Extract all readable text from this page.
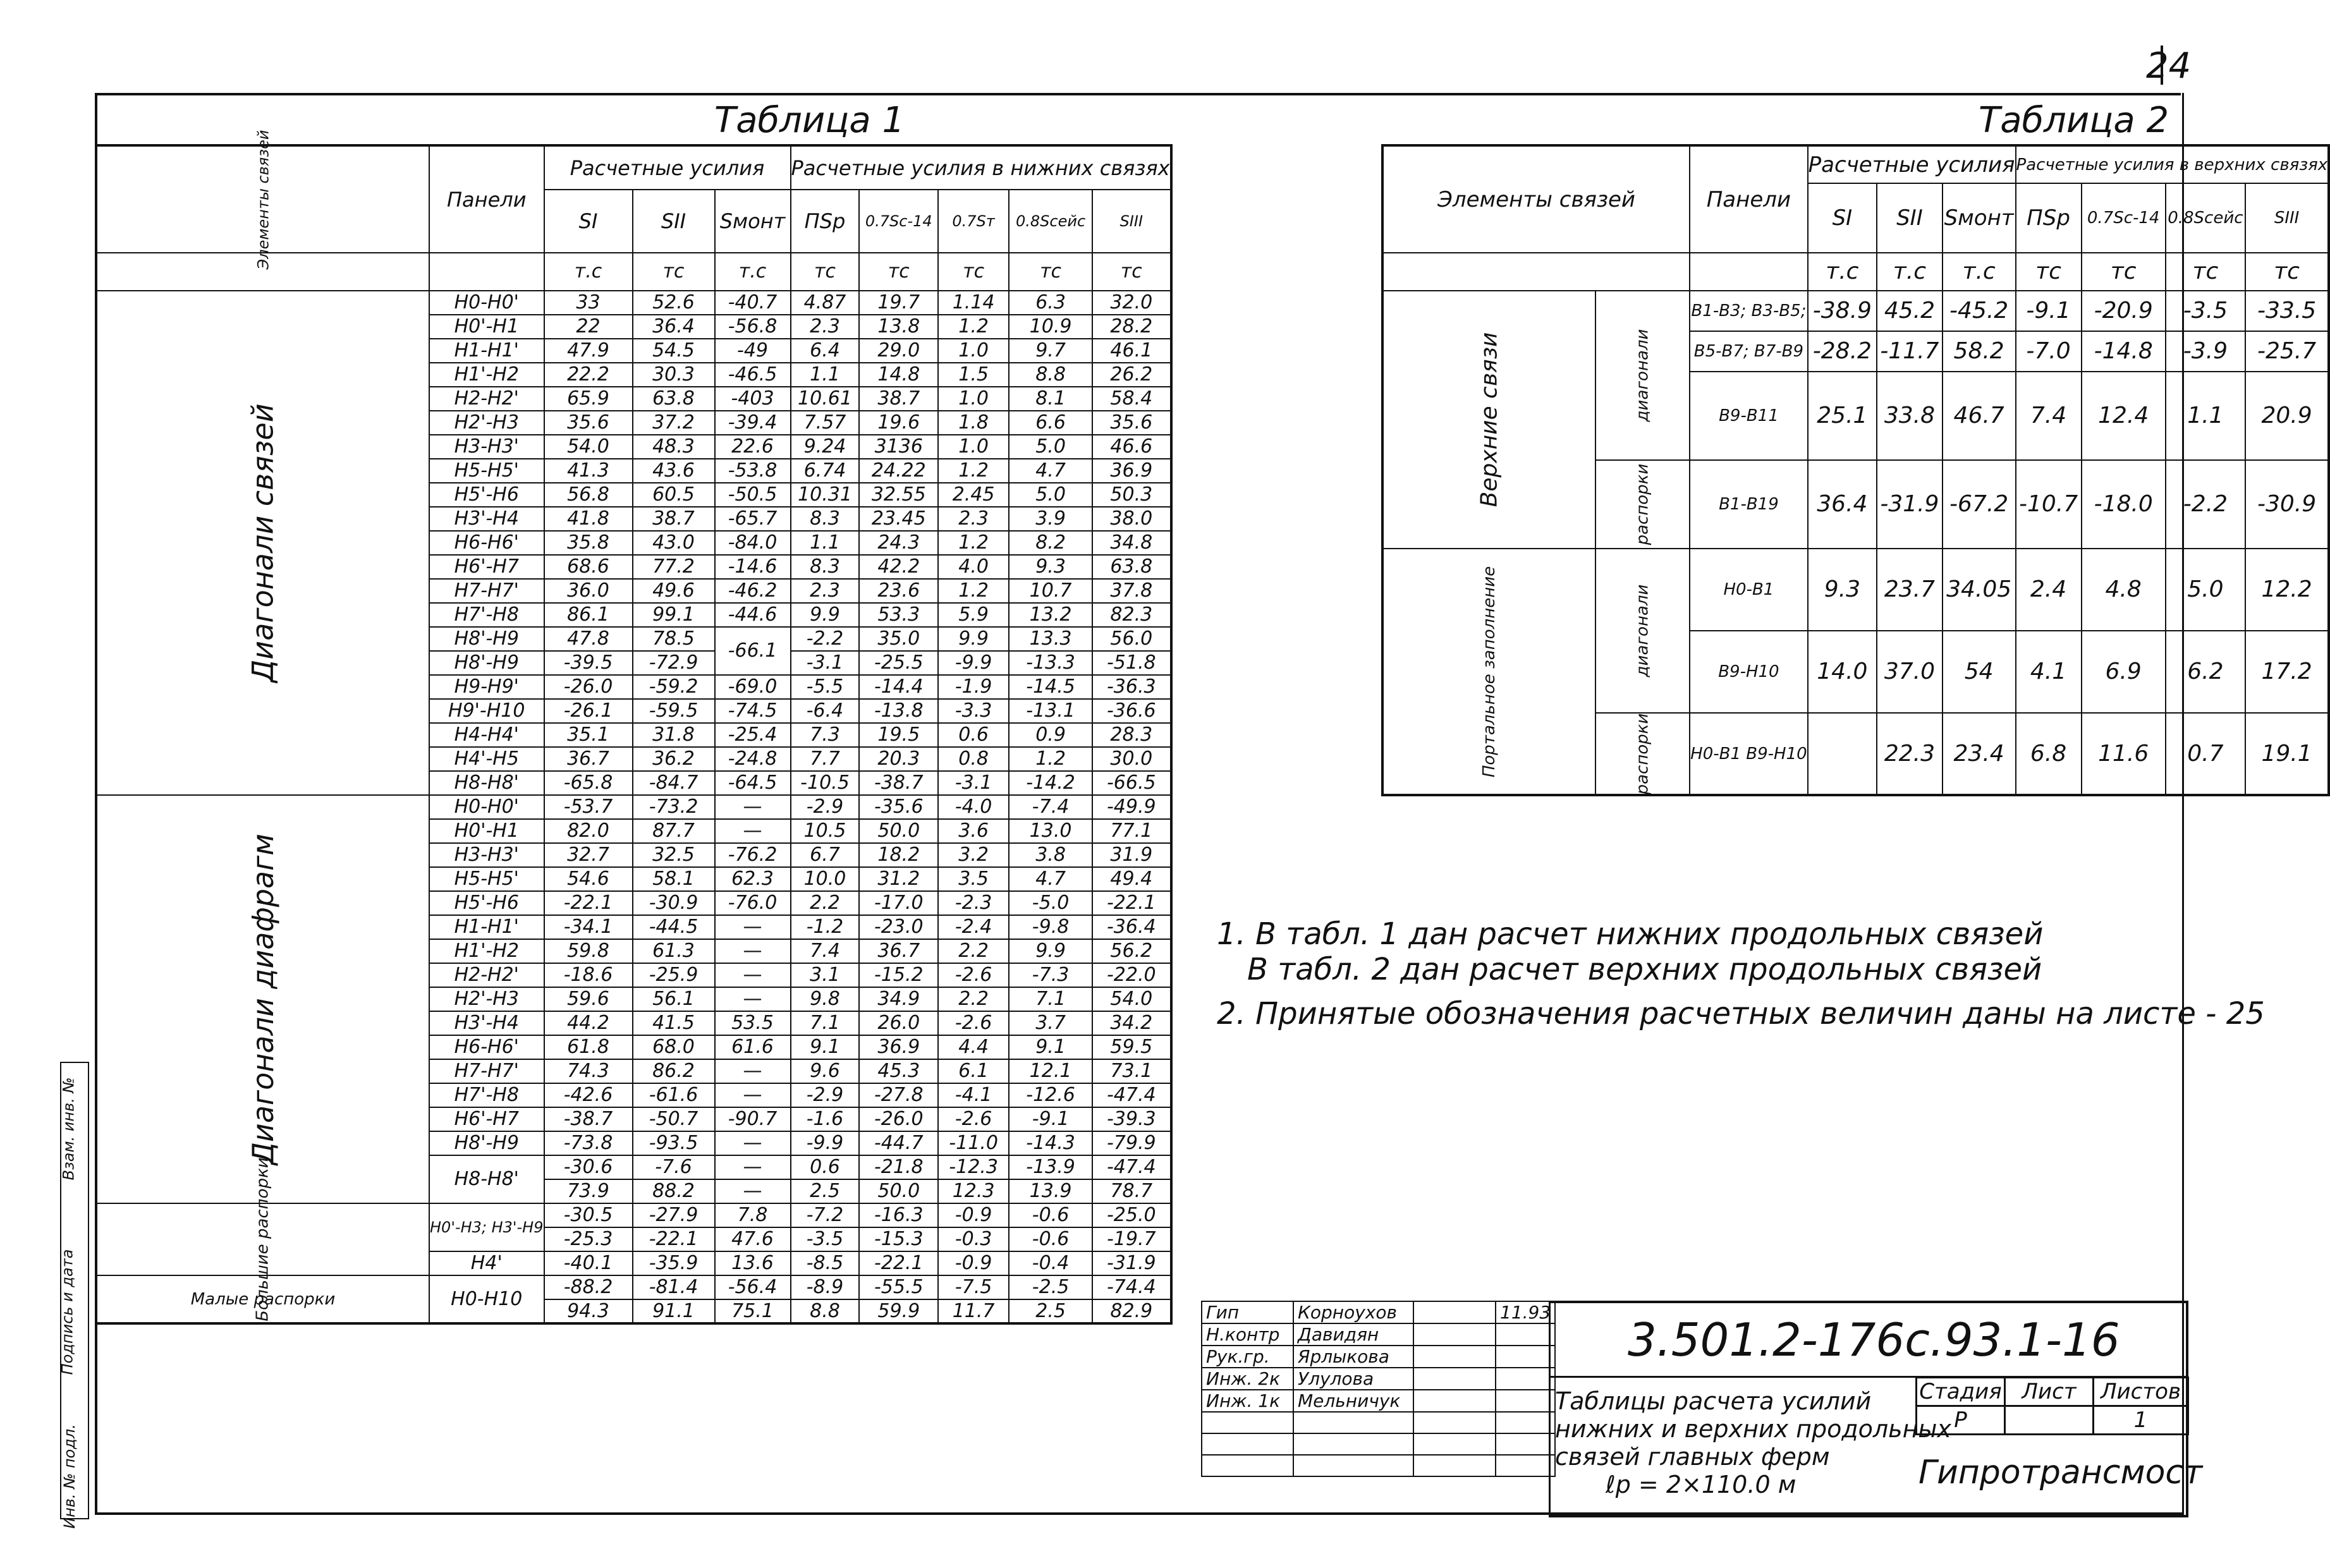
24
Таблица 1	Таблица 2
Элементы связей	Панели	Расчетные усилия			Расчетные усилия в нижних связях				
		SI	SII	Sмонт	ПSр	0.7Sс-14	0.7Sт	0.8Sсейс	SIII
		т.с	тс	т.с	тс	тс	тс	тс	тс
Диагонали связей	Н0-Н0'	33	52.6	-40.7	4.87	19.7	1.14	6.3	32.0
	Н0'-Н1	22	36.4	-56.8	2.3	13.8	1.2	10.9	28.2
	Н1-Н1'	47.9	54.5	-49	6.4	29.0	1.0	9.7	46.1
	Н1'-Н2	22.2	30.3	-46.5	1.1	14.8	1.5	8.8	26.2
	Н2-Н2'	65.9	63.8	-403	10.61	38.7	1.0	8.1	58.4
	Н2'-Н3	35.6	37.2	-39.4	7.57	19.6	1.8	6.6	35.6
	Н3-Н3'	54.0	48.3	22.6	9.24	3136	1.0	5.0	46.6
	Н5-Н5'	41.3	43.6	-53.8	6.74	24.22	1.2	4.7	36.9
	Н5'-Н6	56.8	60.5	-50.5	10.31	32.55	2.45	5.0	50.3
	Н3'-Н4	41.8	38.7	-65.7	8.3	23.45	2.3	3.9	38.0
	Н6-Н6'	35.8	43.0	-84.0	1.1	24.3	1.2	8.2	34.8
	Н6'-Н7	68.6	77.2	-14.6	8.3	42.2	4.0	9.3	63.8
	Н7-Н7'	36.0	49.6	-46.2	2.3	23.6	1.2	10.7	37.8
	Н7'-Н8	86.1	99.1	-44.6	9.9	53.3	5.9	13.2	82.3
	Н8'-Н9	47.8	78.5	-66.1	-2.2	35.0	9.9	13.3	56.0
	Н8'-Н9	-39.5	-72.9		-3.1	-25.5	-9.9	-13.3	-51.8
	Н9-Н9'	-26.0	-59.2	-69.0	-5.5	-14.4	-1.9	-14.5	-36.3
	Н9'-Н10	-26.1	-59.5	-74.5	-6.4	-13.8	-3.3	-13.1	-36.6
	Н4-Н4'	35.1	31.8	-25.4	7.3	19.5	0.6	0.9	28.3
	Н4'-Н5	36.7	36.2	-24.8	7.7	20.3	0.8	1.2	30.0
	Н8-Н8'	-65.8	-84.7	-64.5	-10.5	-38.7	-3.1	-14.2	-66.5
Диагонали диафрагм	Н0-Н0'	-53.7	-73.2	—	-2.9	-35.6	-4.0	-7.4	-49.9
	Н0'-Н1	82.0	87.7	—	10.5	50.0	3.6	13.0	77.1
	Н3-Н3'	32.7	32.5	-76.2	6.7	18.2	3.2	3.8	31.9
	Н5-Н5'	54.6	58.1	62.3	10.0	31.2	3.5	4.7	49.4
	Н5'-Н6	-22.1	-30.9	-76.0	2.2	-17.0	-2.3	-5.0	-22.1
	Н1-Н1'	-34.1	-44.5	—	-1.2	-23.0	-2.4	-9.8	-36.4
	Н1'-Н2	59.8	61.3	—	7.4	36.7	2.2	9.9	56.2
	Н2-Н2'	-18.6	-25.9	—	3.1	-15.2	-2.6	-7.3	-22.0
	Н2'-Н3	59.6	56.1	—	9.8	34.9	2.2	7.1	54.0
	Н3'-Н4	44.2	41.5	53.5	7.1	26.0	-2.6	3.7	34.2
	Н6-Н6'	61.8	68.0	61.6	9.1	36.9	4.4	9.1	59.5
	Н7-Н7'	74.3	86.2	—	9.6	45.3	6.1	12.1	73.1
	Н7'-Н8	-42.6	-61.6	—	-2.9	-27.8	-4.1	-12.6	-47.4
	Н6'-Н7	-38.7	-50.7	-90.7	-1.6	-26.0	-2.6	-9.1	-39.3
	Н8'-Н9	-73.8	-93.5	—	-9.9	-44.7	-11.0	-14.3	-79.9
	Н8-Н8'	-30.6	-7.6	—	0.6	-21.8	-12.3	-13.9	-47.4
		73.9	88.2	—	2.5	50.0	12.3	13.9	78.7
Большие распорки	Н0'-Н3; Н3'-Н9	-30.5	-27.9	7.8	-7.2	-16.3	-0.9	-0.6	-25.0
		-25.3	-22.1	47.6	-3.5	-15.3	-0.3	-0.6	-19.7
	Н4'	-40.1	-35.9	13.6	-8.5	-22.1	-0.9	-0.4	-31.9
Малые распорки	Н0-Н10	-88.2	-81.4	-56.4	-8.9	-55.5	-7.5	-2.5	-74.4
		94.3	91.1	75.1	8.8	59.9	11.7	2.5	82.9
Элементы связей		Панели	Расчетные усилия			Расчетные усилия в верхних связях			
			SI	SII	Sмонт	ПSр	0.7Sс-14	0.8Sсейс	SIII
			т.с	т.с	т.с	тс	тс	тс	тс
Верхние связи	диагонали	В1-В3; В3-В5;	-38.9	45.2	-45.2	-9.1	-20.9	-3.5	-33.5
		В5-В7; В7-В9	-28.2	-11.7	58.2	-7.0	-14.8	-3.9	-25.7
		В9-В11	25.1	33.8	46.7	7.4	12.4	1.1	20.9
	распорки	В1-В19	36.4	-31.9	-67.2	-10.7	-18.0	-2.2	-30.9
Портальное заполнение	диагонали	Н0-В1	9.3	23.7	34.05	2.4	4.8	5.0	12.2
		В9-Н10	14.0	37.0	54	4.1	6.9	6.2	17.2
	распорки	Н0-В1 В9-Н10		22.3	23.4	6.8	11.6	0.7	19.1
1. В табл. 1 дан расчет нижних продольных связей
В табл. 2 дан расчет верхних продольных связей
2. Принятые обозначения расчетных величин даны на листе - 25
Инв. № подл.
Подпись и дата
Взам. инв. №
Гип	Корноухов		11.93
Н.контр	Давидян		
Рук.гр.	Ярлыкова		
Инж. 2к	Улулова		
Инж. 1к	Мельничук		

3.501.2-176с.93.1-16
Таблицы расчета усилий
нижних и верхних продольных
связей главных ферм
ℓр = 2×110.0 м
Стадия	Лист	Листов
Р		1
Гипротрансмост
